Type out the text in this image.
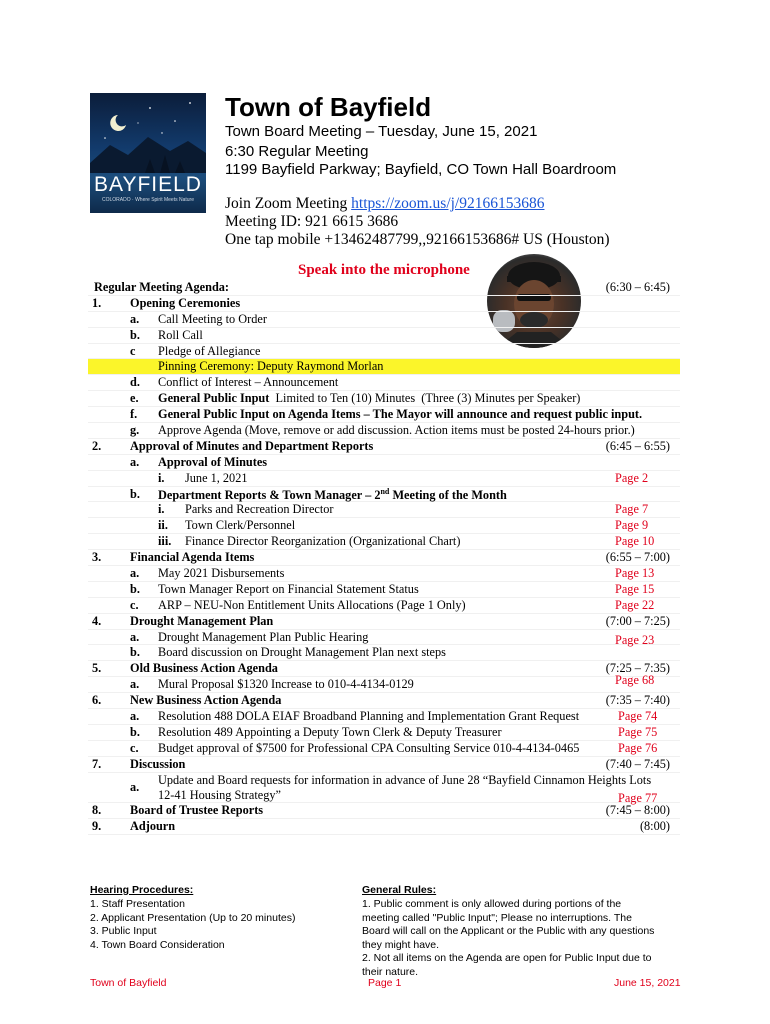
BAYFIELD
COLORADO · Where Spirit Meets Nature
Town of Bayfield
Town Board Meeting – Tuesday, June 15, 2021
6:30 Regular Meeting
1199 Bayfield Parkway; Bayfield, CO Town Hall Boardroom
Join Zoom Meeting https://zoom.us/j/92166153686
Meeting ID: 921 6615 3686
One tap mobile +13462487799,,92166153686# US (Houston)
Speak into the microphone
Regular Meeting Agenda:	(6:30 – 6:45)
1. Opening Ceremonies
a.	Call Meeting to Order
b.	Roll Call
c	Pledge of Allegiance
Pinning Ceremony: Deputy Raymond Morlan
d.	Conflict of Interest – Announcement
e.	General Public Input  Limited to Ten (10) Minutes  (Three (3) Minutes per Speaker)
f.	General Public Input on Agenda Items – The Mayor will announce and request public input.
g.	Approve Agenda (Move, remove or add discussion. Action items must be posted 24-hours prior.)
2. Approval of Minutes and Department Reports	(6:45 – 6:55)
a.	Approval of Minutes
i. June 1, 2021	Page 2
b.	Department Reports & Town Manager – 2nd Meeting of the Month
i. Parks and Recreation Director	Page 7
ii. Town Clerk/Personnel	Page 9
iii. Finance Director Reorganization (Organizational Chart)	Page 10
3. Financial Agenda Items	(6:55 – 7:00)
a.	May 2021 Disbursements	Page 13
b.	Town Manager Report on Financial Statement Status	Page 15
c.	ARP – NEU-Non Entitlement Units Allocations (Page 1 Only)	Page 22
4. Drought Management Plan	(7:00 – 7:25)
a.	Drought Management Plan Public Hearing	Page 23
b.	Board discussion on Drought Management Plan next steps
5. Old Business Action Agenda	(7:25 – 7:35)
a.	Mural Proposal $1320 Increase to 010-4-4134-0129	Page 68
6. New Business Action Agenda	(7:35 – 7:40)
a.	Resolution 488 DOLA EIAF Broadband Planning and Implementation Grant Request	Page 74
b.	Resolution 489 Appointing a Deputy Town Clerk & Deputy Treasurer	Page 75
c.	Budget approval of $7500 for Professional CPA Consulting Service 010-4-4134-0465	Page 76
7. Discussion	(7:40 – 7:45)
a.	Update and Board requests for information in advance of June 28 “Bayfield Cinnamon Heights Lots
12-41 Housing Strategy”	Page 77
8. Board of Trustee Reports	(7:45 – 8:00)
9. Adjourn	(8:00)
Hearing Procedures:
1. Staff Presentation
2. Applicant Presentation (Up to 20 minutes)
3. Public Input
4. Town Board Consideration
General Rules:
1. Public comment is only allowed during portions of the
meeting called "Public Input"; Please no interruptions. The
Board will call on the Applicant or the Public with any questions
they might have.
2. Not all items on the Agenda are open for Public Input due to
their nature.
Town of Bayfield	Page 1	June 15, 2021
